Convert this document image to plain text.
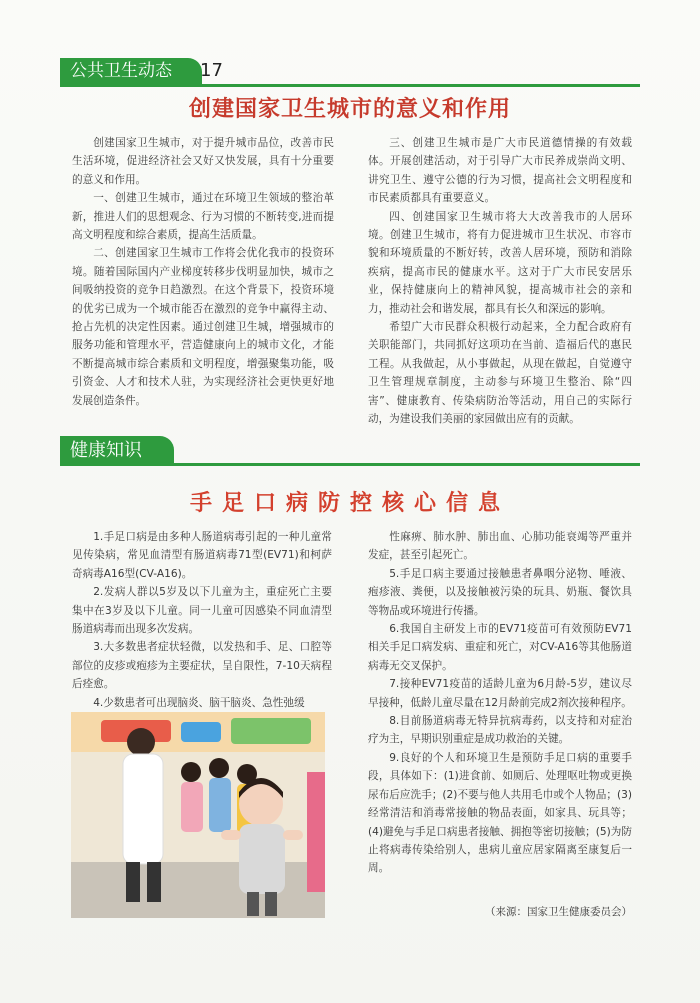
公共卫生动态	17
创建国家卫生城市的意义和作用

创建国家卫生城市，对于提升城市品位，改善市民生活环境，促进经济社会又好又快发展，具有十分重要的意义和作用。

一、创建卫生城市，通过在环境卫生领域的整治革新，推进人们的思想观念、行为习惯的不断转变,进而提高文明程度和综合素质，提高生活质量。

二、创建国家卫生城市工作将会优化我市的投资环境。随着国际国内产业梯度转移步伐明显加快，城市之间吸纳投资的竞争日趋激烈。在这个背景下，投资环境的优劣已成为一个城市能否在激烈的竞争中赢得主动、抢占先机的决定性因素。通过创建卫生城，增强城市的服务功能和管理水平，营造健康向上的城市文化，才能不断提高城市综合素质和文明程度，增强聚集功能，吸引资金、人才和技术人驻，为实现经济社会更快更好地发展创造条件。

三、创建卫生城市是广大市民道德情操的有效载体。开展创建活动，对于引导广大市民养成崇尚文明、讲究卫生、遵守公德的行为习惯，提高社会文明程度和市民素质都具有重要意义。

四、创建国家卫生城市将大大改善我市的人居环境。创建卫生城市，将有力促进城市卫生状况、市容市貌和环境质量的不断好转，改善人居环境，预防和消除疾病，提高市民的健康水平。这对于广大市民安居乐业，保持健康向上的精神风貌，提高城市社会的亲和力，推动社会和谐发展，都具有长久和深远的影响。

希望广大市民群众积极行动起来，全力配合政府有关职能部门，共同抓好这项功在当前、造福后代的惠民工程。从我做起，从小事做起，从现在做起，自觉遵守卫生管理规章制度，主动参与环境卫生整治、除“四害”、健康教育、传染病防治等活动，用自己的实际行动，为建设我们美丽的家园做出应有的贡献。

健康知识
手足口病防控核心信息

1.手足口病是由多种人肠道病毒引起的一种儿童常见传染病，常见血清型有肠道病毒71型(EV71)和柯萨奇病毒A16型(CV-A16)。

2.发病人群以5岁及以下儿童为主，重症死亡主要集中在3岁及以下儿童。同一儿童可因感染不同血清型肠道病毒而出现多次发病。

3.大多数患者症状轻微，以发热和手、足、口腔等部位的皮疹或疱疹为主要症状，呈自限性，7-10天病程后痊愈。

4.少数患者可出现脑炎、脑干脑炎、急性弛缓

性麻痹、肺水肿、肺出血、心肺功能衰竭等严重并发症，甚至引起死亡。

5.手足口病主要通过接触患者鼻咽分泌物、唾液、疱疹液、粪便，以及接触被污染的玩具、奶瓶、餐饮具等物品或环境进行传播。

6.我国自主研发上市的EV71疫苗可有效预防EV71相关手足口病发病、重症和死亡，对CV-A16等其他肠道病毒无交叉保护。

7.接种EV71疫苗的适龄儿童为6月龄-5岁，建议尽早接种，低龄儿童尽量在12月龄前完成2剂次接种程序。

8.目前肠道病毒无特异抗病毒药，以支持和对症治疗为主，早期识别重症是成功救治的关键。

9.良好的个人和环境卫生是预防手足口病的重要手段，具体如下：(1)进食前、如厕后、处理呕吐物或更换尿布后应洗手；(2)不要与他人共用毛巾或个人物品；(3)经常清洁和消毒常接触的物品表面，如家具、玩具等；(4)避免与手足口病患者接触、拥抱等密切接触；(5)为防止将病毒传染给别人，患病儿童应居家隔离至康复后一周。

（来源：国家卫生健康委员会）
